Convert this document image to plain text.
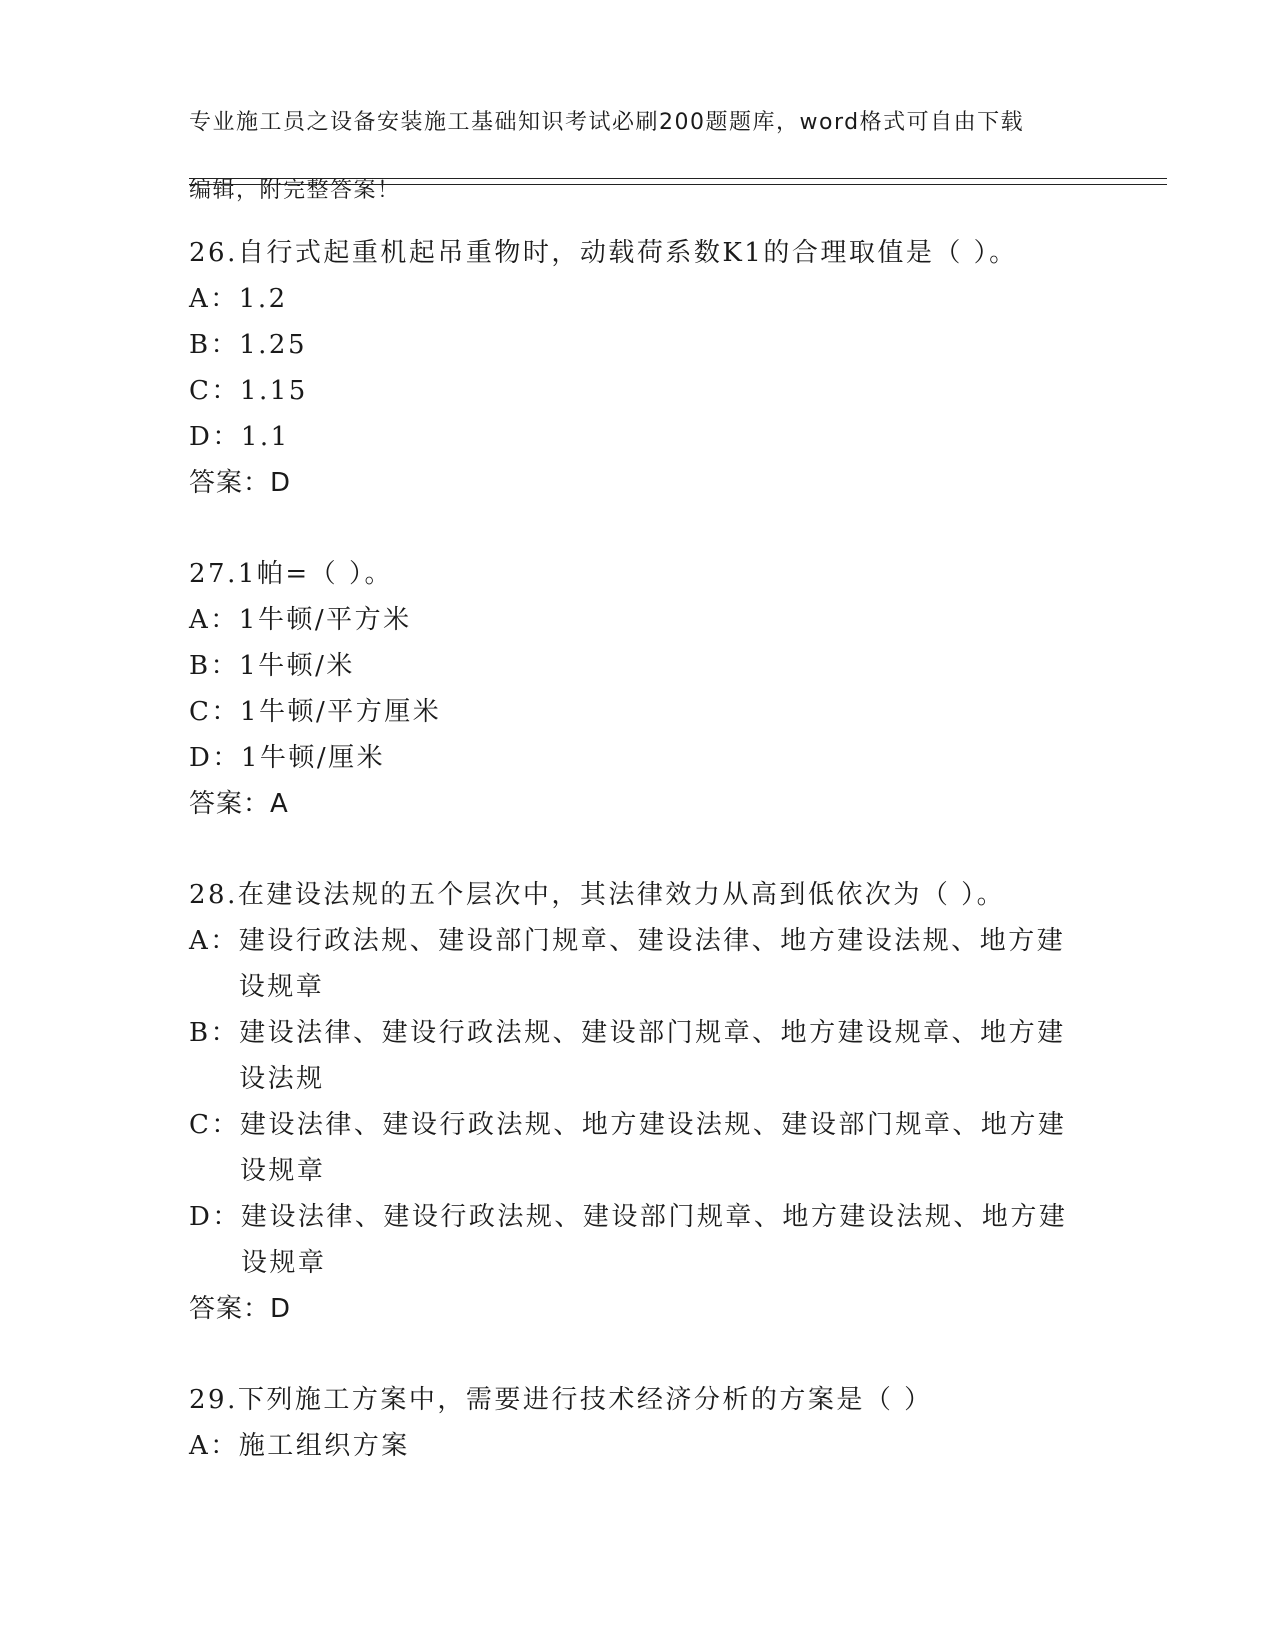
专业施工员之设备安装施工基础知识考试必刷200题题库，word格式可自由下载

编辑，附完整答案！

26.自行式起重机起吊重物时，动载荷系数K1的合理取值是（ ）。
A ： 1.2
B ： 1.25
C ： 1.15
D ： 1.1
答案：D
27.1帕=（ ）。
A ： 1牛顿/平方米
B ： 1牛顿/米
C ： 1牛顿/平方厘米
D ： 1牛顿/厘米
答案：A
28.在建设法规的五个层次中，其法律效力从高到低依次为（ ）。
A ： 建设行政法规、建设部门规章、建设法律、地方建设法规、地方建设规章
B ： 建设法律、建设行政法规、建设部门规章、地方建设规章、地方建设法规
C ： 建设法律、建设行政法规、地方建设法规、建设部门规章、地方建设规章
D ： 建设法律、建设行政法规、建设部门规章、地方建设法规、地方建设规章
答案：D
29.下列施工方案中，需要进行技术经济分析的方案是（ ）
A ： 施工组织方案
